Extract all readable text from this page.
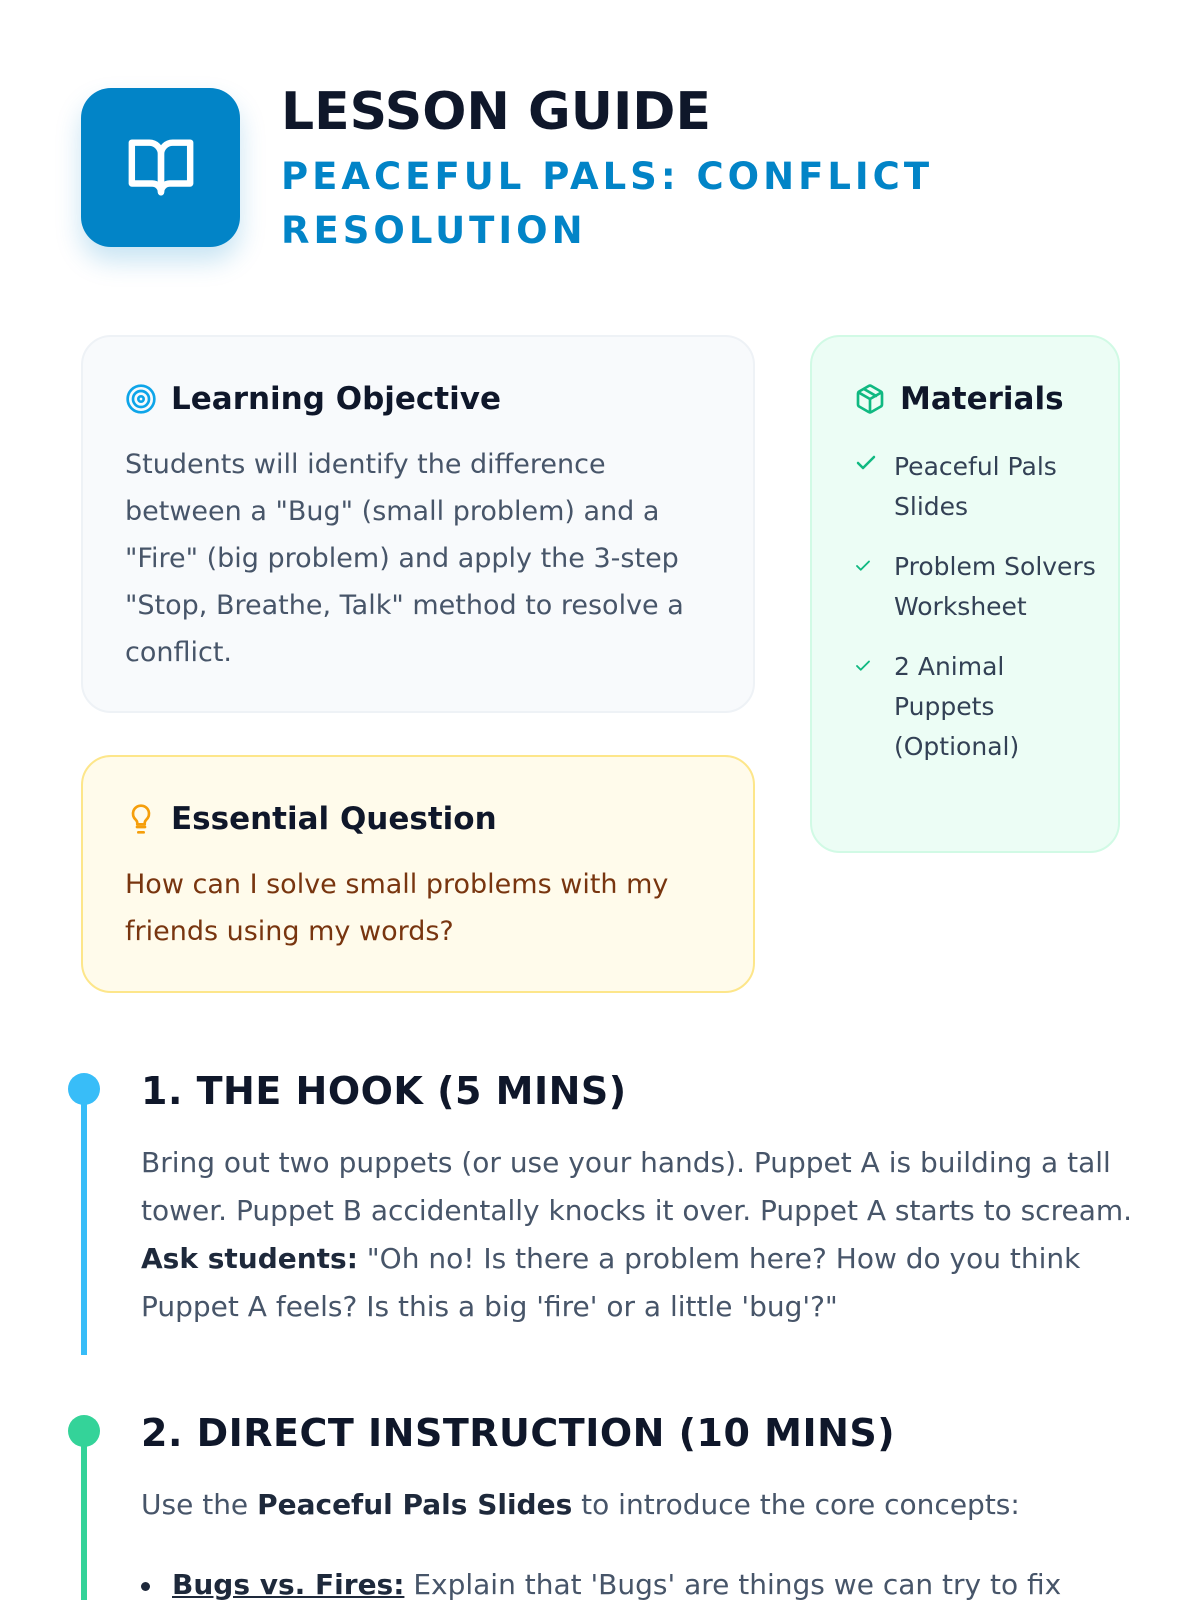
LESSON GUIDE
PEACEFUL PALS: CONFLICT RESOLUTION
Learning Objective
Students will identify the difference between a "Bug" (small problem) and a "Fire" (big problem) and apply the 3-step "Stop, Breathe, Talk" method to resolve a conflict.
Essential Question
How can I solve small problems with my friends using my words?
Materials
Peaceful Pals Slides
Problem Solvers Worksheet
2 Animal Puppets (Optional)
1. THE HOOK (5 MINS)
Bring out two puppets (or use your hands). Puppet A is building a tall tower. Puppet B accidentally knocks it over. Puppet A starts to scream. Ask students: "Oh no! Is there a problem here? How do you think Puppet A feels? Is this a big 'fire' or a little 'bug'?"
2. DIRECT INSTRUCTION (10 MINS)
Use the Peaceful Pals Slides to introduce the core concepts:
Bugs vs. Fires: Explain that 'Bugs' are things we can try to fix
